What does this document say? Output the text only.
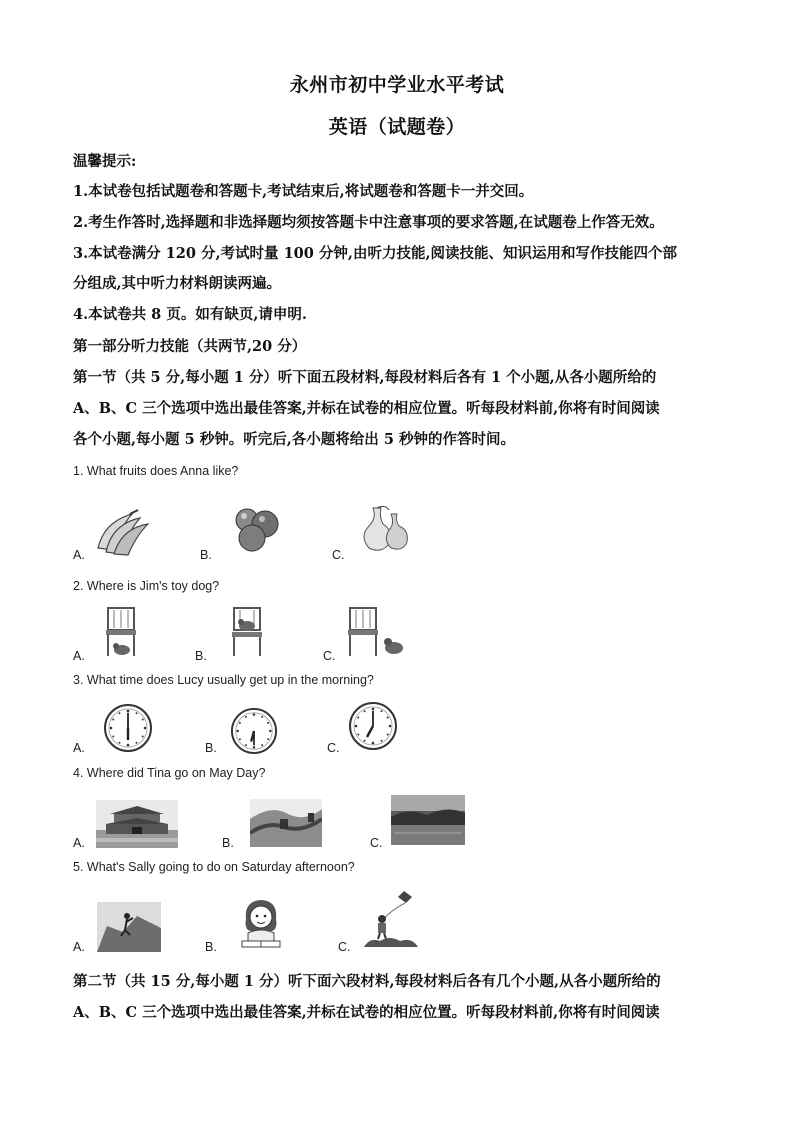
永州市初中学业水平考试
英语（试题卷）
温馨提示:
1.本试卷包括试题卷和答题卡,考试结束后,将试题卷和答题卡一并交回。
2.考生作答时,选择题和非选择题均须按答题卡中注意事项的要求答题,在试题卷上作答无效。
3.本试卷满分 120 分,考试时量 100 分钟,由听力技能,阅读技能、知识运用和写作技能四个部
分组成,其中听力材料朗读两遍。
4.本试卷共 8 页。如有缺页,请申明.
第一部分听力技能（共两节,20 分）
第一节（共 5 分,每小题 1 分）听下面五段材料,每段材料后各有 1 个小题,从各小题所给的
A、B、C 三个选项中选出最佳答案,并标在试卷的相应位置。听每段材料前,你将有时间阅读
各个小题,每小题 5 秒钟。听完后,各小题将给出 5 秒钟的作答时间。
1. What fruits does Anna like?
A.	B.	C.
2. Where is Jim's toy dog?
A.	B.	C.
3. What time does Lucy usually get up in the morning?
A.	B.	C.
4. Where did Tina go on May Day?
A.	B.	C.
5. What's Sally going to do on Saturday afternoon?
A.	B.	C.
第二节（共 15 分,每小题 1 分）听下面六段材料,每段材料后各有几个小题,从各小题所给的
A、B、C 三个选项中选出最佳答案,并标在试卷的相应位置。听每段材料前,你将有时间阅读
